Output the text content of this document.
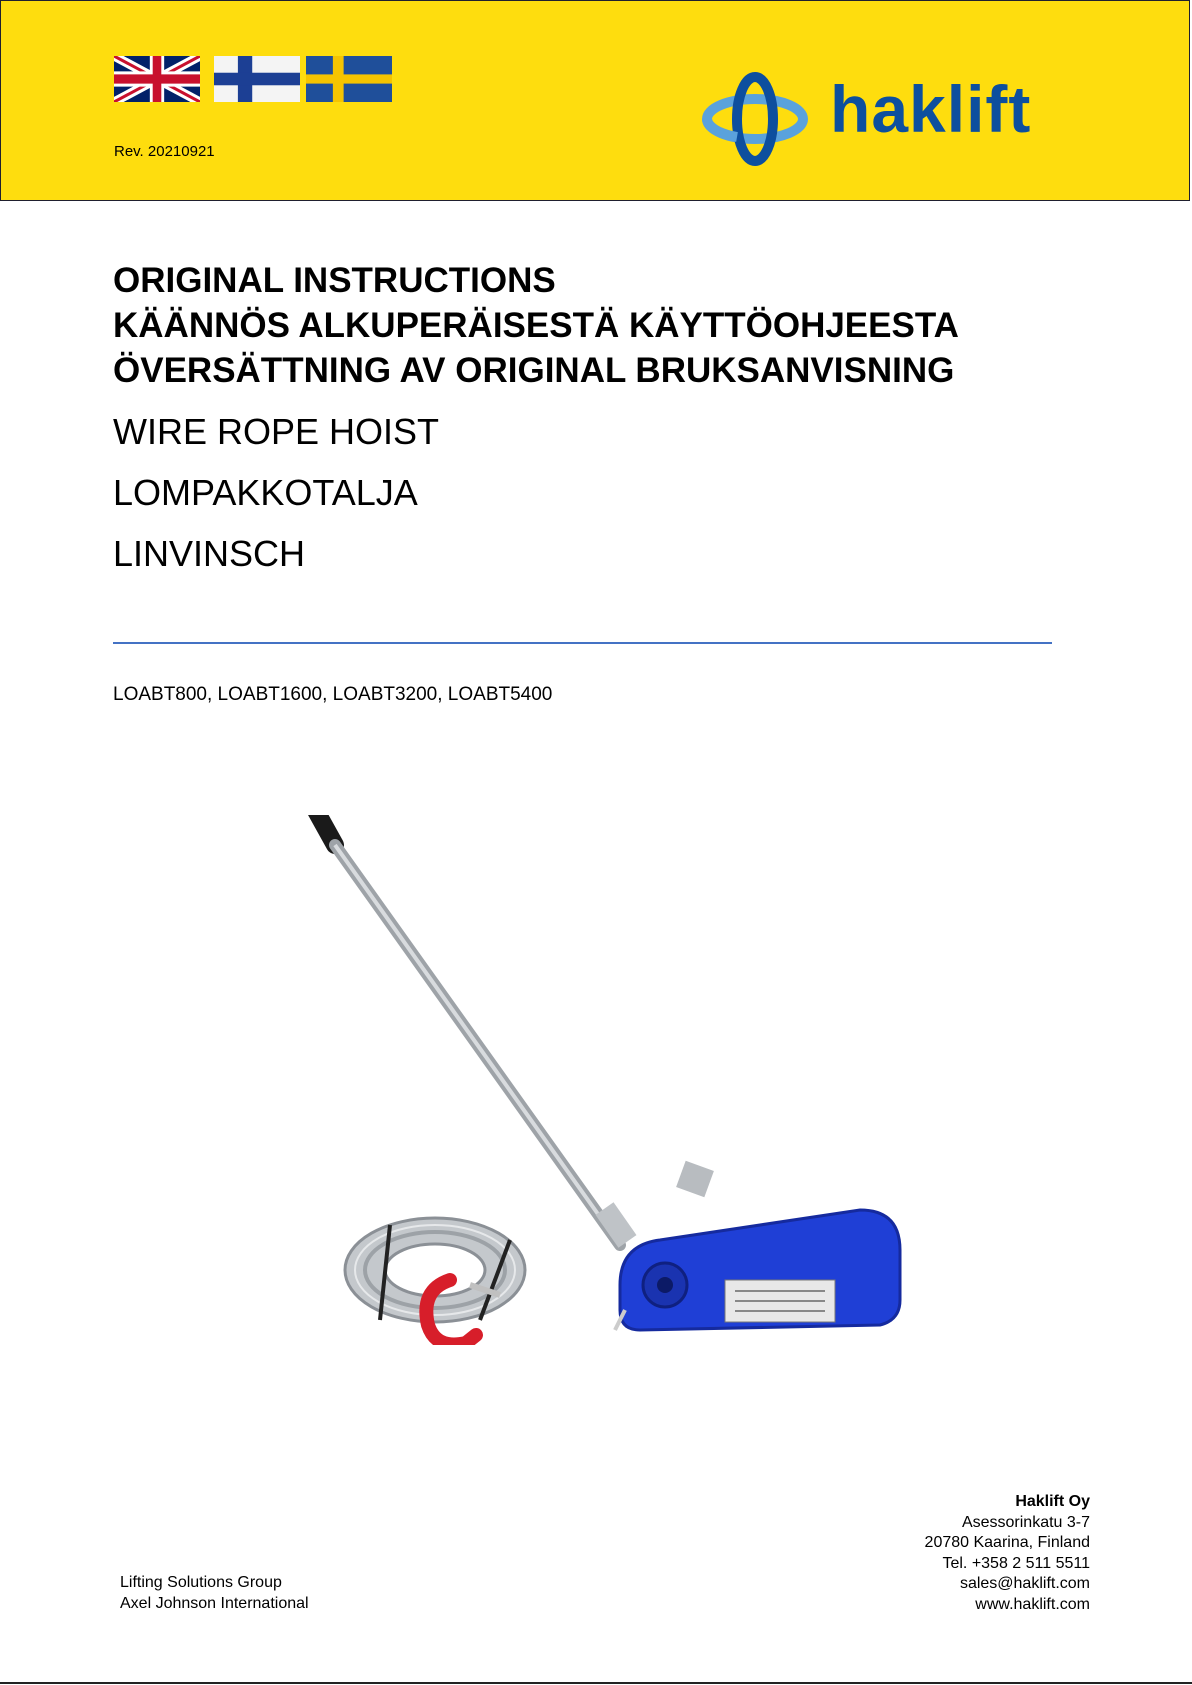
Rev. 20210921
haklift
ORIGINAL INSTRUCTIONS
KÄÄNNÖS ALKUPERÄISESTÄ KÄYTTÖOHJEESTA
ÖVERSÄTTNING AV ORIGINAL BRUKSANVISNING
WIRE ROPE HOIST
LOMPAKKOTALJA
LINVINSCH
LOABT800, LOABT1600, LOABT3200, LOABT5400
Lifting Solutions Group
Axel Johnson International
Haklift Oy
Asessorinkatu 3-7
20780 Kaarina, Finland
Tel. +358 2 511 5511
sales@haklift.com
www.haklift.com
